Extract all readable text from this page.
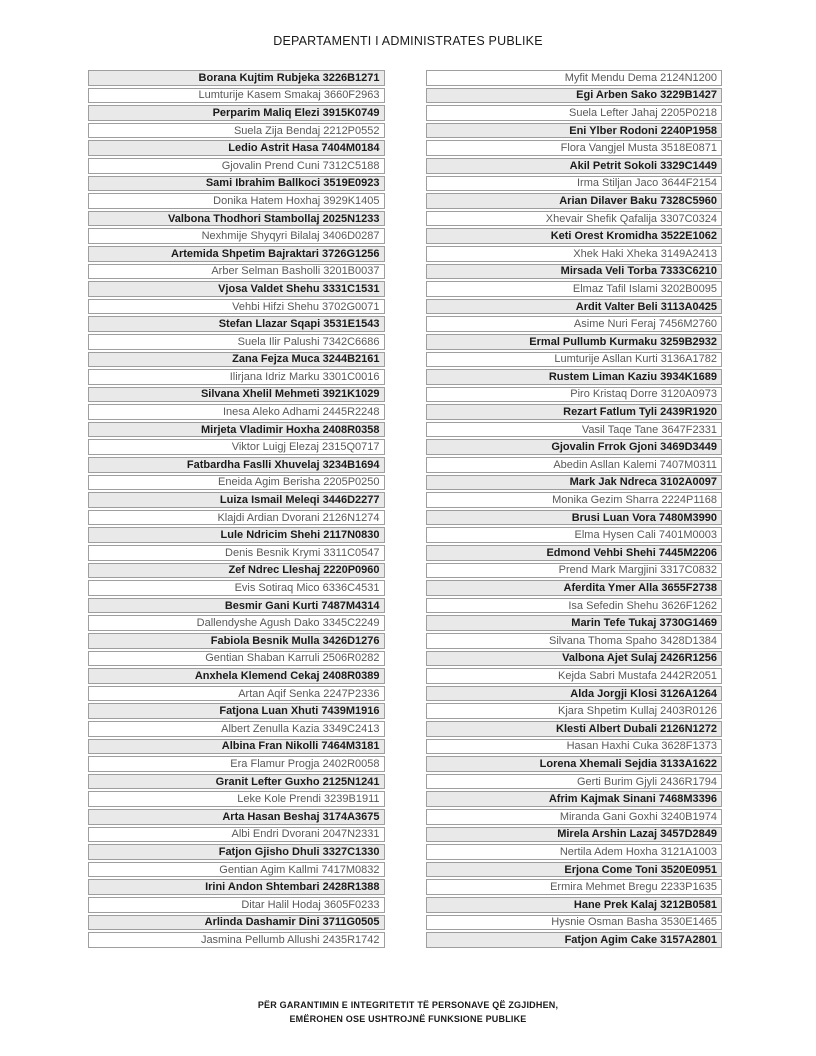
DEPARTAMENTI I ADMINISTRATES PUBLIKE
Borana Kujtim Rubjeka 3226B1271
Lumturije Kasem Smakaj 3660F2963
Perparim Maliq Elezi 3915K0749
Suela Zija Bendaj 2212P0552
Ledio Astrit Hasa 7404M0184
Gjovalin Prend Cuni 7312C5188
Sami Ibrahim Ballkoci 3519E0923
Donika Hatem Hoxhaj 3929K1405
Valbona Thodhori Stambollaj 2025N1233
Nexhmije Shyqyri Bilalaj 3406D0287
Artemida Shpetim Bajraktari 3726G1256
Arber Selman Basholli 3201B0037
Vjosa Valdet Shehu 3331C1531
Vehbi Hifzi Shehu 3702G0071
Stefan Llazar Sqapi 3531E1543
Suela Ilir Palushi 7342C6686
Zana Fejza Muca 3244B2161
Ilirjana Idriz Marku 3301C0016
Silvana Xhelil Mehmeti 3921K1029
Inesa Aleko Adhami 2445R2248
Mirjeta Vladimir Hoxha 2408R0358
Viktor Luigj Elezaj 2315Q0717
Fatbardha Faslli Xhuvelaj 3234B1694
Eneida Agim Berisha 2205P0250
Luiza Ismail Meleqi 3446D2277
Klajdi Ardian Dvorani 2126N1274
Lule Ndricim Shehi 2117N0830
Denis Besnik Krymi 3311C0547
Zef Ndrec Lleshaj 2220P0960
Evis Sotiraq Mico 6336C4531
Besmir Gani Kurti 7487M4314
Dallendyshe Agush Dako 3345C2249
Fabiola Besnik Mulla 3426D1276
Gentian Shaban Karruli 2506R0282
Anxhela Klemend Cekaj 2408R0389
Artan Aqif Senka 2247P2336
Fatjona Luan Xhuti 7439M1916
Albert Zenulla Kazia 3349C2413
Albina Fran Nikolli 7464M3181
Era Flamur Progja 2402R0058
Granit Lefter Guxho 2125N1241
Leke Kole Prendi 3239B1911
Arta Hasan Beshaj 3174A3675
Albi Endri Dvorani 2047N2331
Fatjon Gjisho Dhuli 3327C1330
Gentian Agim Kallmi 7417M0832
Irini Andon Shtembari 2428R1388
Ditar Halil Hodaj 3605F0233
Arlinda Dashamir Dini 3711G0505
Jasmina Pellumb Allushi 2435R1742
Myfit Mendu Dema 2124N1200
Egi Arben Sako 3229B1427
Suela Lefter Jahaj 2205P0218
Eni Ylber Rodoni 2240P1958
Flora Vangjel Musta 3518E0871
Akil Petrit Sokoli 3329C1449
Irma Stiljan Jaco 3644F2154
Arian Dilaver Baku 7328C5960
Xhevair Shefik Qafalija 3307C0324
Keti Orest Kromidha 3522E1062
Xhek Haki Xheka 3149A2413
Mirsada Veli Torba 7333C6210
Elmaz Tafil Islami 3202B0095
Ardit Valter Beli 3113A0425
Asime Nuri Feraj 7456M2760
Ermal Pullumb Kurmaku 3259B2932
Lumturije Asllan Kurti 3136A1782
Rustem Liman Kaziu 3934K1689
Piro Kristaq Dorre 3120A0973
Rezart Fatlum Tyli 2439R1920
Vasil Taqe Tane 3647F2331
Gjovalin Frrok Gjoni 3469D3449
Abedin Asllan Kalemi 7407M0311
Mark Jak Ndreca 3102A0097
Monika Gezim Sharra 2224P1168
Brusi Luan Vora 7480M3990
Elma Hysen Cali 7401M0003
Edmond Vehbi Shehi 7445M2206
Prend Mark Margjini 3317C0832
Aferdita Ymer Alla 3655F2738
Isa Sefedin Shehu 3626F1262
Marin Tefe Tukaj 3730G1469
Silvana Thoma Spaho 3428D1384
Valbona Ajet Sulaj 2426R1256
Kejda Sabri Mustafa 2442R2051
Alda Jorgji Klosi 3126A1264
Kjara Shpetim Kullaj 2403R0126
Klesti Albert Dubali 2126N1272
Hasan Haxhi Cuka 3628F1373
Lorena Xhemali Sejdia 3133A1622
Gerti Burim Gjyli 2436R1794
Afrim Kajmak Sinani 7468M3396
Miranda Gani Goxhi 3240B1974
Mirela Arshin Lazaj 3457D2849
Nertila Adem Hoxha 3121A1003
Erjona Come Toni 3520E0951
Ermira Mehmet Bregu 2233P1635
Hane Prek Kalaj 3212B0581
Hysnie Osman Basha 3530E1465
Fatjon Agim Cake 3157A2801
PËR GARANTIMIN E INTEGRITETIT TË PERSONAVE QË ZGJIDHEN,
EMËROHEN OSE USHTROJNË FUNKSIONE PUBLIKE
